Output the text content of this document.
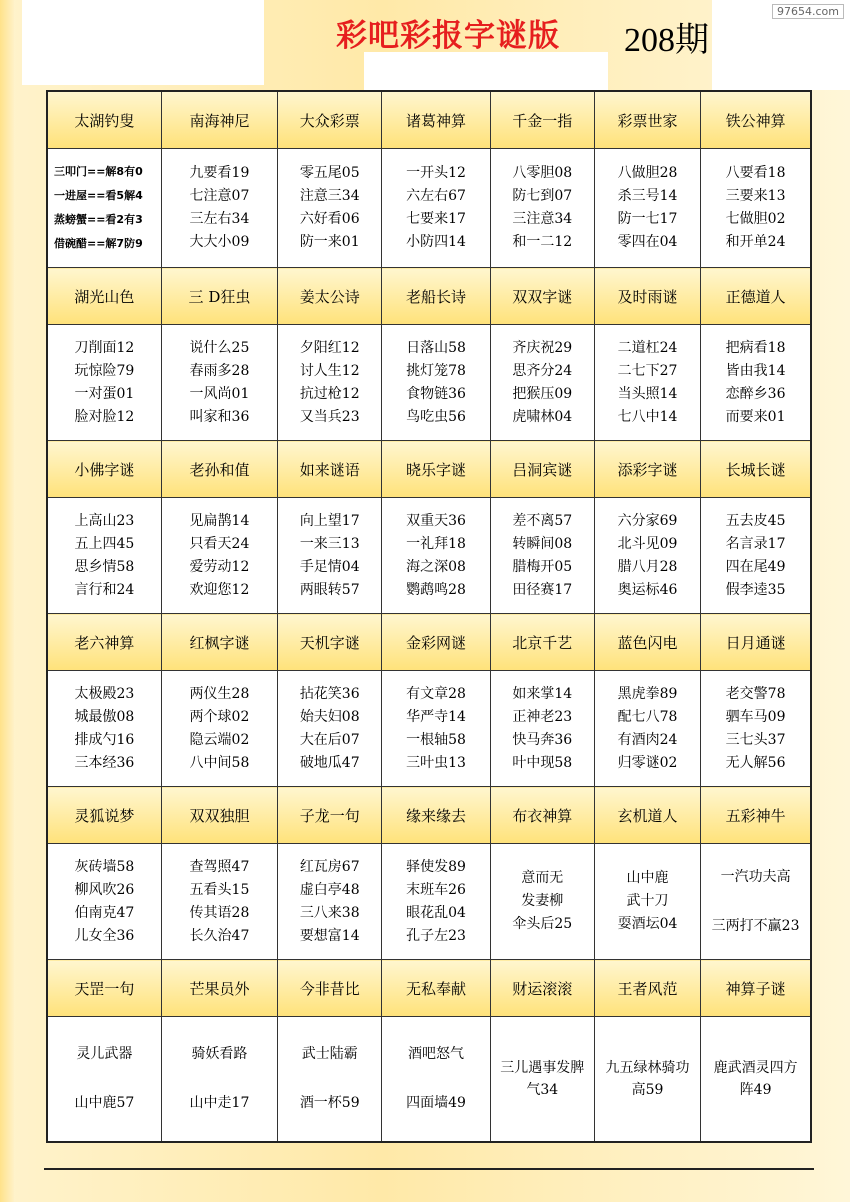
彩吧彩报字谜版 208期
97654.com
太湖钓叟	南海神尼	大众彩票	诸葛神算	千金一指	彩票世家	铁公神算

三叩门==解8有0
一进屋==看5解4
蒸螃蟹==看2有3
借碗醋==解7防9	九要看19
七注意07
三左右34
大大小09	零五尾05
注意三34
六好看06
防一来01	一开头12
六左右67
七要来17
小防四14	八零胆08
防七到07
三注意34
和一二12	八做胆28
杀三号14
防一七17
零四在04	八要看18
三要来13
七做胆02
和开单24

湖光山色	三 D狂虫	姜太公诗	老船长诗	双双字谜	及时雨谜	正德道人

刀削面12
玩惊险79
一对蛋01
脸对脸12	说什么25
春雨多28
一风尚01
叫家和36	夕阳红12
讨人生12
抗过枪12
又当兵23	日落山58
挑灯笼78
食物链36
鸟吃虫56	齐庆祝29
思齐分24
把猴压09
虎啸林04	二道杠24
二七下27
当头照14
七八中14	把病看18
皆由我14
恋醉乡36
而要来01

小佛字谜	老孙和值	如来谜语	晓乐字谜	吕洞宾谜	添彩字谜	长城长谜

上高山23
五上四45
思乡情58
言行和24	见扁鹊14
只看天24
爱劳动12
欢迎您12	向上望17
一来三13
手足情04
两眼转57	双重天36
一礼拜18
海之深08
鹦鹉鸣28	差不离57
转瞬间08
腊梅开05
田径赛17	六分家69
北斗见09
腊八月28
奥运标46	五去皮45
名言录17
四在尾49
假李逵35

老六神算	红枫字谜	天机字谜	金彩网谜	北京千艺	蓝色闪电	日月通谜

太极殿23
城最傲08
排成勺16
三本经36	两仪生28
两个球02
隐云端02
八中间58	拈花笑36
始夫妇08
大在后07
破地瓜47	有文章28
华严寺14
一根轴58
三叶虫13	如来掌14
正神老23
快马奔36
叶中现58	黑虎拳89
配七八78
有酒肉24
归零谜02	老交警78
驷车马09
三七头37
无人解56

灵狐说梦	双双独胆	子龙一句	缘来缘去	布衣神算	玄机道人	五彩神牛

灰砖墙58
柳风吹26
伯南克47
儿女全36	查驾照47
五看头15
传其语28
长久治47	红瓦房67
虚白亭48
三八来38
要想富14	驿使发89
末班车26
眼花乱04
孔子左23	意而无
发妻柳
伞头后25	山中鹿
武十刀
耍酒坛04	一汽功夫高
三两打不赢23

天罡一句	芒果员外	今非昔比	无私奉献	财运滚滚	王者风范	神算子谜

灵儿武器
山中鹿57	骑妖看路
山中走17	武士陆霸
酒一杯59	酒吧怒气
四面墙49	三儿遇事发脾气34	九五绿林骑功高59	鹿武酒灵四方阵49
